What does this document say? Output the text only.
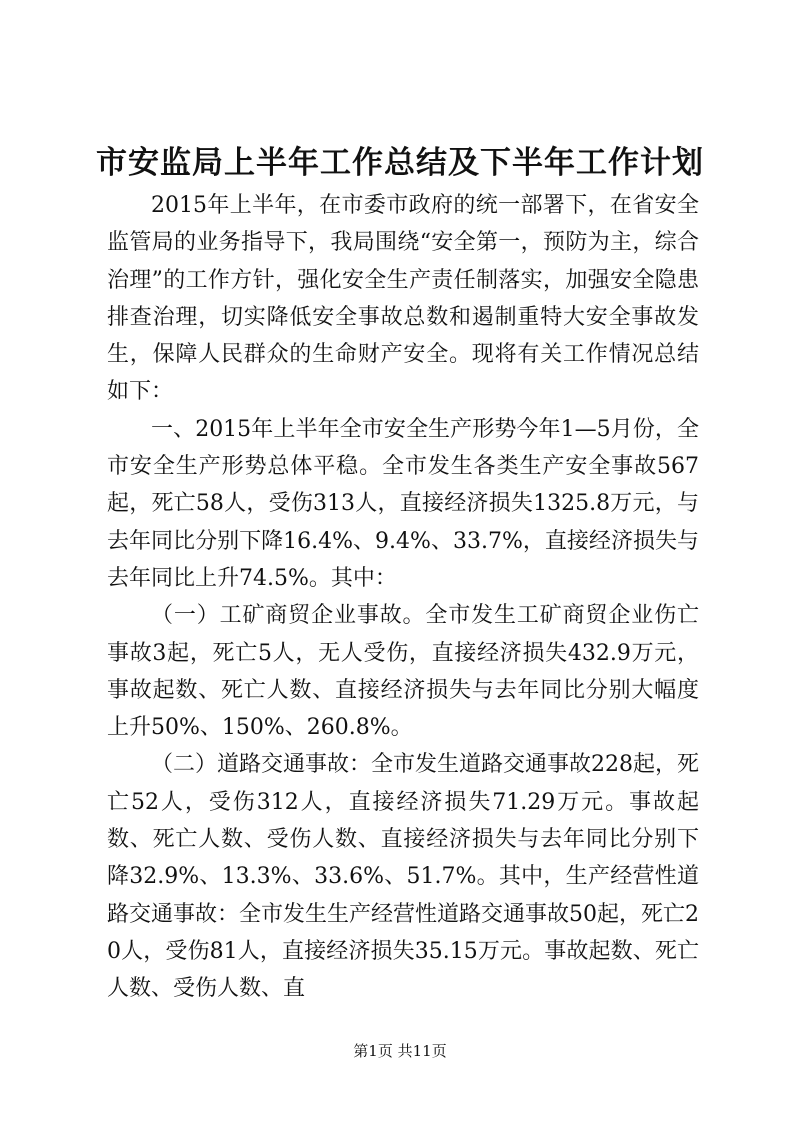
市安监局上半年工作总结及下半年工作计划

2015年上半年，在市委市政府的统一部署下，在省安全监管局的业务指导下，我局围绕“安全第一，预防为主，综合治理”的工作方针，强化安全生产责任制落实，加强安全隐患排查治理，切实降低安全事故总数和遏制重特大安全事故发生，保障人民群众的生命财产安全。现将有关工作情况总结如下：

一、2015年上半年全市安全生产形势今年1—5月份，全市安全生产形势总体平稳。全市发生各类生产安全事故567起，死亡58人，受伤313人，直接经济损失1325.8万元，与去年同比分别下降16.4%、9.4%、33.7%，直接经济损失与去年同比上升74.5%。其中：

（一）工矿商贸企业事故。全市发生工矿商贸企业伤亡事故3起，死亡5人，无人受伤，直接经济损失432.9万元，事故起数、死亡人数、直接经济损失与去年同比分别大幅度上升50%、150%、260.8%。

（二）道路交通事故：全市发生道路交通事故228起，死亡52人，受伤312人，直接经济损失71.29万元。事故起数、死亡人数、受伤人数、直接经济损失与去年同比分别下降32.9%、13.3%、33.6%、51.7%。其中，生产经营性道路交通事故：全市发生生产经营性道路交通事故50起，死亡20人，受伤81人，直接经济损失35.15万元。事故起数、死亡人数、受伤人数、直

第1页 共11页
